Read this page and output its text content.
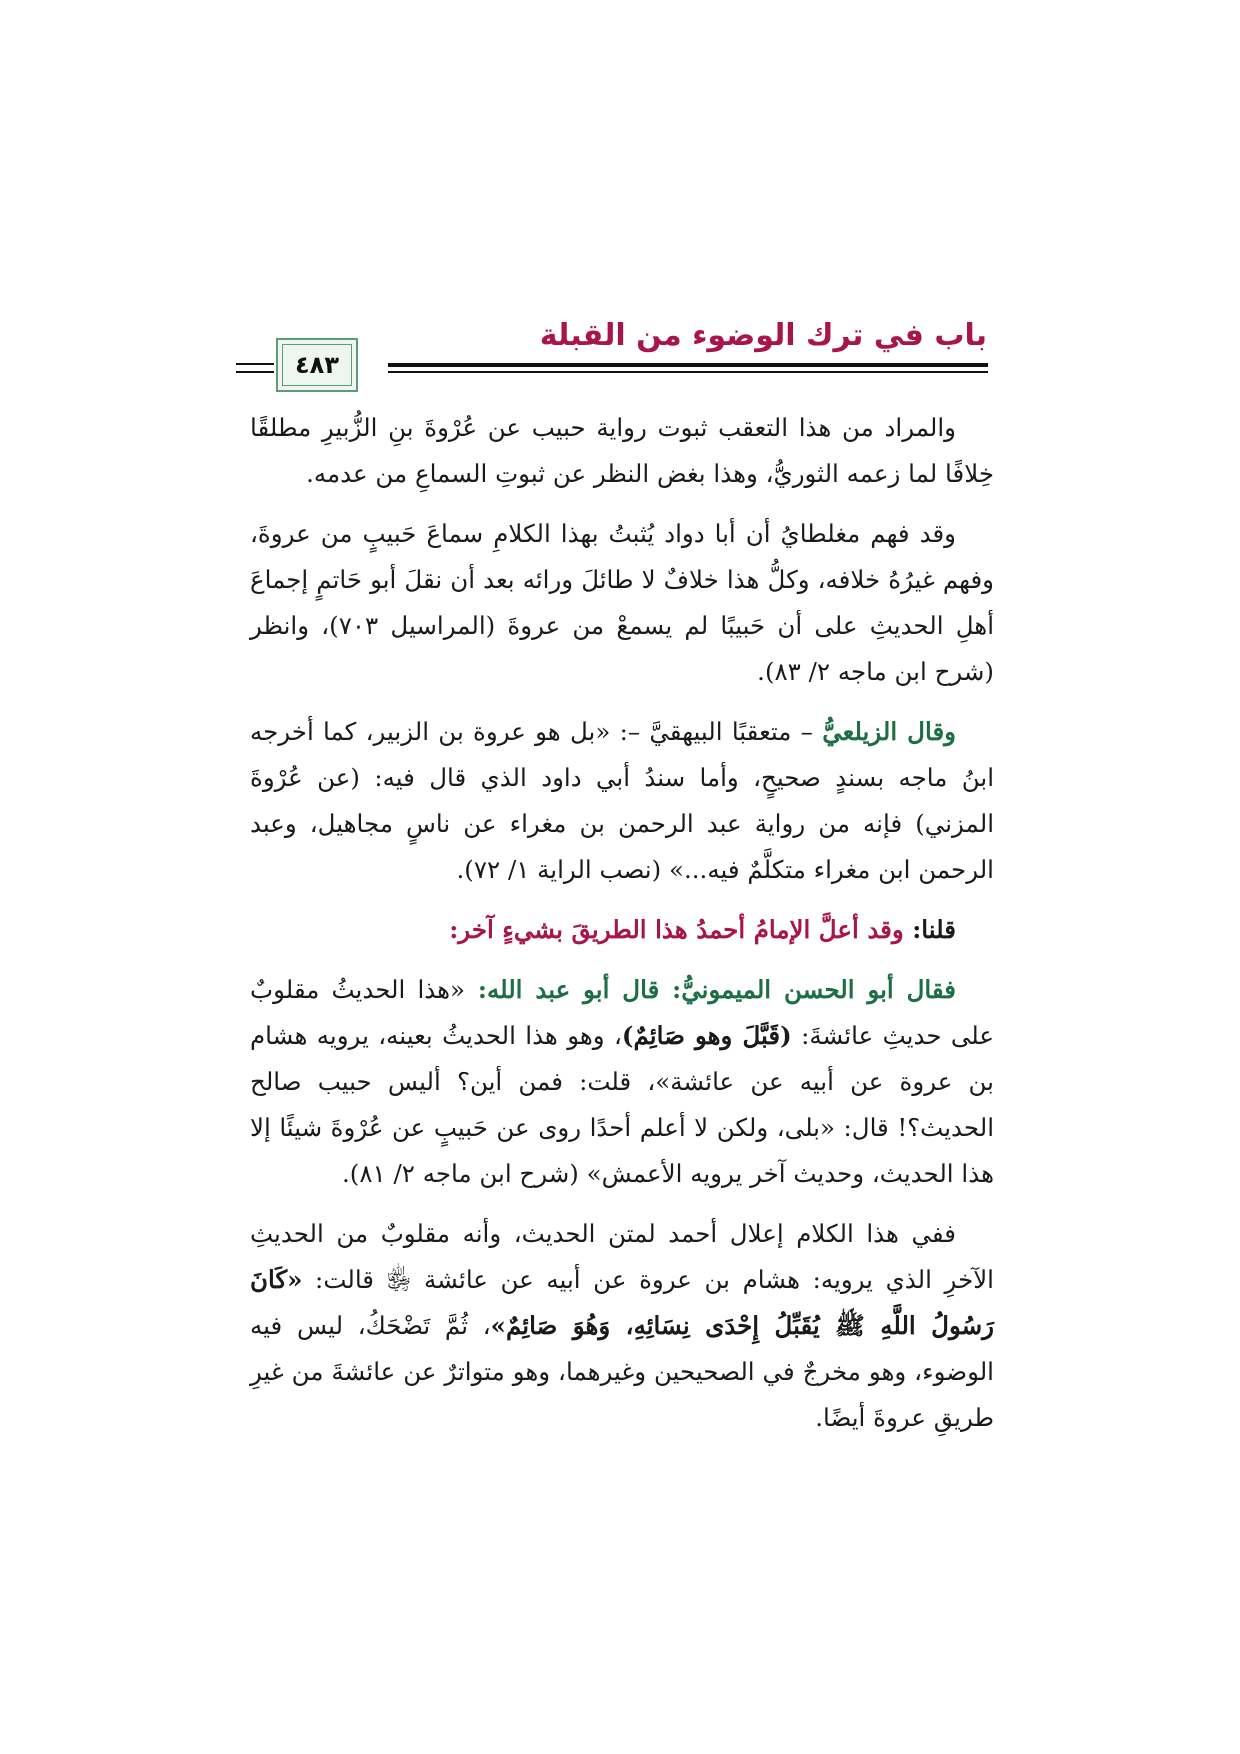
باب في ترك الوضوء من القبلة
٤٨٣

والمراد من هذا التعقب ثبوت رواية حبيب عن عُرْوةَ بنِ الزُّبيرِ مطلقًا خِلافًا لما زعمه الثوريُّ، وهذا بغض النظر عن ثبوتِ السماعِ من عدمه.

وقد فهم مغلطايُ أن أبا دواد يُثبتُ بهذا الكلامِ سماعَ حَبيبٍ من عروةَ، وفهم غيرُهُ خلافه، وكلُّ هذا خلافٌ لا طائلَ ورائه بعد أن نقلَ أبو حَاتمٍ إجماعَ أهلِ الحديثِ على أن حَبيبًا لم يسمعْ من عروةَ (المراسيل ٧٠٣)، وانظر (شرح ابن ماجه ٢/ ٨٣).

وقال الزيلعيُّ – متعقبًا البيهقيَّ –: «بل هو عروة بن الزبير، كما أخرجه ابنُ ماجه بسندٍ صحيحٍ، وأما سندُ أبي داود الذي قال فيه: (عن عُرْوةَ المزني) فإنه من رواية عبد الرحمن بن مغراء عن ناسٍ مجاهيل، وعبد الرحمن ابن مغراء متكلَّمٌ فيه...» (نصب الراية ١/ ٧٢).

قلنا: وقد أعلَّ الإمامُ أحمدُ هذا الطريقَ بشيءٍ آخر:

فقال أبو الحسن الميمونيُّ: قال أبو عبد الله: «هذا الحديثُ مقلوبٌ على حديثِ عائشةَ: (قَبَّلَ وهو صَائِمٌ)، وهو هذا الحديثُ بعينه، يرويه هشام بن عروة عن أبيه عن عائشة»، قلت: فمن أين؟ أليس حبيب صالح الحديث؟! قال: «بلى، ولكن لا أعلم أحدًا روى عن حَبيبٍ عن عُرْوةَ شيئًا إلا هذا الحديث، وحديث آخر يرويه الأعمش» (شرح ابن ماجه ٢/ ٨١).

ففي هذا الكلام إعلال أحمد لمتن الحديث، وأنه مقلوبٌ من الحديثِ الآخرِ الذي يرويه: هشام بن عروة عن أبيه عن عائشة ﵂ قالت: «كَانَ رَسُولُ اللَّهِ ﷺ يُقَبِّلُ إِحْدَى نِسَائِهِ، وَهُوَ صَائِمٌ»، ثُمَّ تَضْحَكُ، ليس فيه الوضوء، وهو مخرجٌ في الصحيحين وغيرهما، وهو متواترٌ عن عائشةَ من غيرِ طريقِ عروةَ أيضًا.
